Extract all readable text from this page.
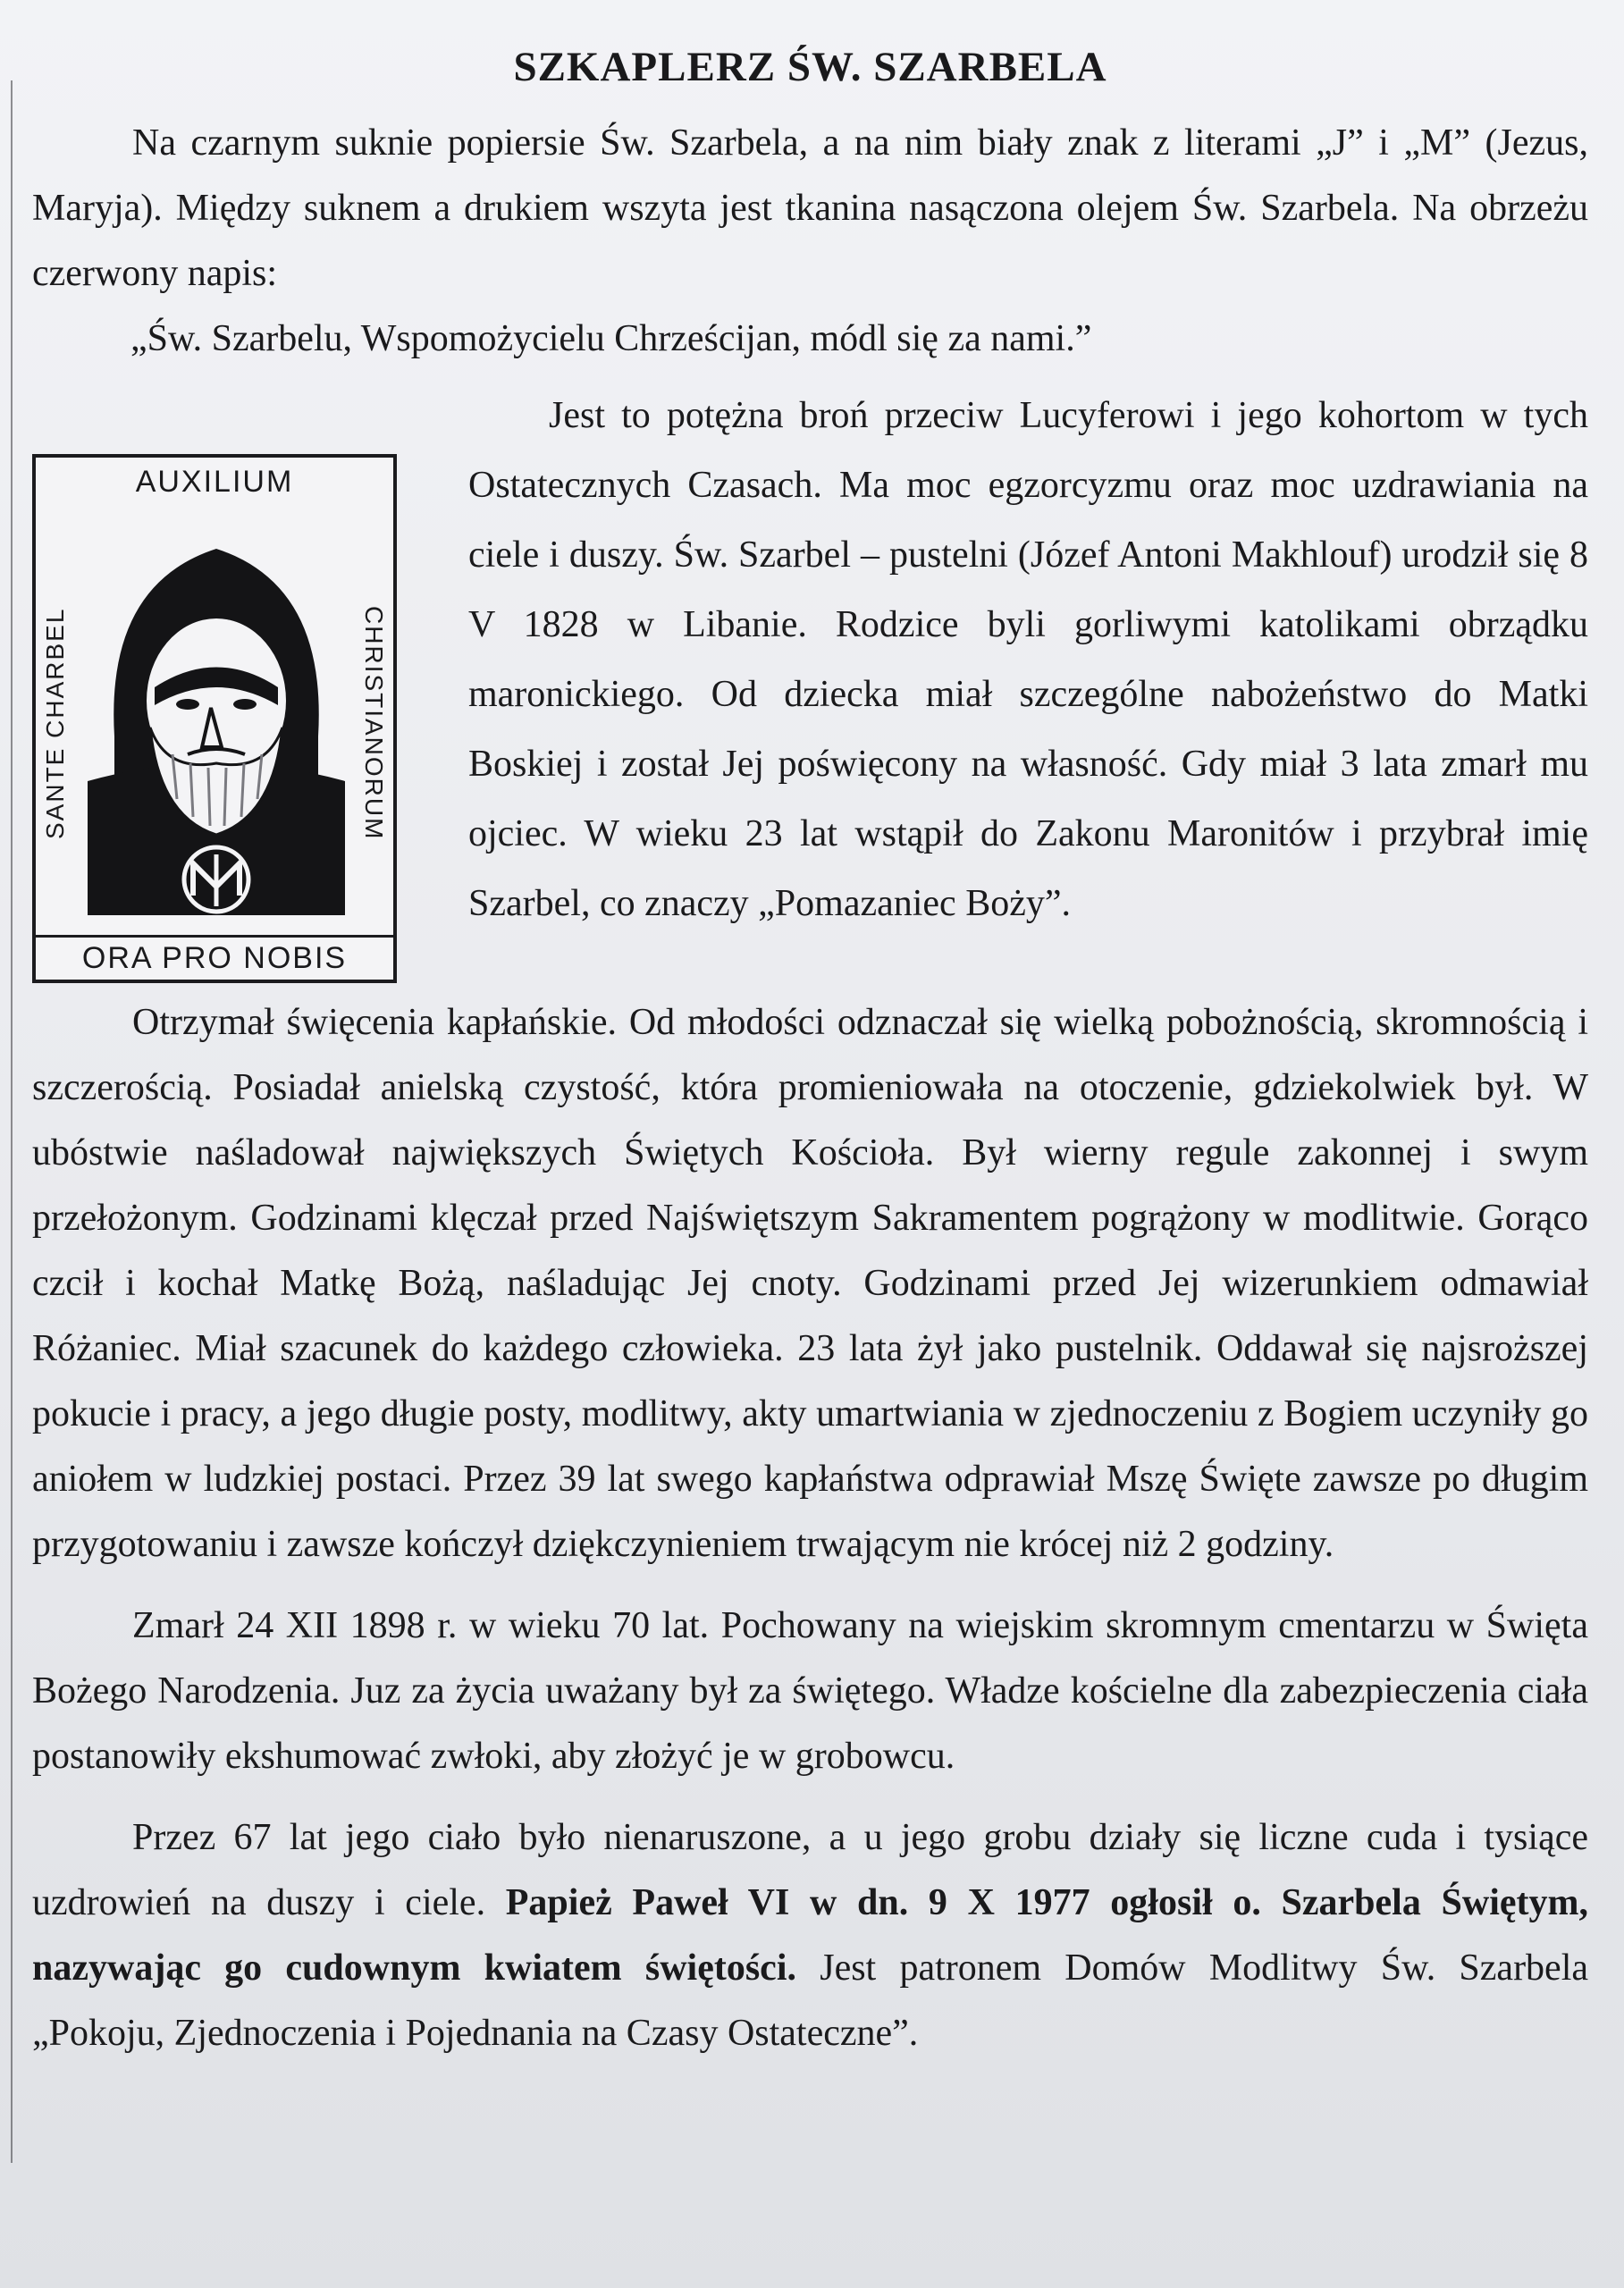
SZKAPLERZ ŚW. SZARBELA

Na czarnym suknie popiersie Św. Szarbela, a na nim biały znak z literami „J” i „M” (Jezus, Maryja). Między suknem a drukiem wszyta jest tkanina nasączona olejem Św. Szarbela. Na obrzeżu czerwony napis:

„Św. Szarbelu, Wspomożycielu Chrześcijan, módl się za nami.”

AUXILIUM
SANTE CHARBEL	CHRISTIANORUM
ORA PRO NOBIS

Jest to potężna broń przeciw Lucyferowi i jego kohortom w tych Ostatecznych Czasach. Ma moc egzorcyzmu oraz moc uzdrawiania na ciele i duszy. Św. Szarbel – pustelni (Józef Antoni Makhlouf) urodził się 8 V 1828 w Libanie. Rodzice byli gorliwymi katolikami obrządku maronickiego. Od dziecka miał szczególne nabożeństwo do Matki Boskiej i został Jej poświęcony na własność. Gdy miał 3 lata zmarł mu ojciec. W wieku 23 lat wstąpił do Zakonu Maronitów i przybrał imię Szarbel, co znaczy „Pomazaniec Boży”.

Otrzymał święcenia kapłańskie. Od młodości odznaczał się wielką pobożnością, skromnością i szczerością. Posiadał anielską czystość, która promieniowała na otoczenie, gdziekolwiek był. W ubóstwie naśladował największych Świętych Kościoła. Był wierny regule zakonnej i swym przełożonym. Godzinami klęczał przed Najświętszym Sakramentem pogrążony w modlitwie. Gorąco czcił i kochał Matkę Bożą, naśladując Jej cnoty. Godzinami przed Jej wizerunkiem odmawiał Różaniec. Miał szacunek do każdego człowieka. 23 lata żył jako pustelnik. Oddawał się najsroższej pokucie i pracy, a jego długie posty, modlitwy, akty umartwiania w zjednoczeniu z Bogiem uczyniły go aniołem w ludzkiej postaci. Przez 39 lat swego kapłaństwa odprawiał Mszę Święte zawsze po długim przygotowaniu i zawsze kończył dziękczynieniem trwającym nie krócej niż 2 godziny.

Zmarł 24 XII 1898 r. w wieku 70 lat. Pochowany na wiejskim skromnym cmentarzu w Święta Bożego Narodzenia. Juz za życia uważany był za świętego. Władze kościelne dla zabezpieczenia ciała postanowiły ekshumować zwłoki, aby złożyć je w grobowcu.

Przez 67 lat jego ciało było nienaruszone, a u jego grobu działy się liczne cuda i tysiące uzdrowień na duszy i ciele. Papież Paweł VI w dn. 9 X 1977 ogłosił o. Szarbela Świętym, nazywając go cudownym kwiatem świętości. Jest patronem Domów Modlitwy Św. Szarbela „Pokoju, Zjednoczenia i Pojednania na Czasy Ostateczne”.
